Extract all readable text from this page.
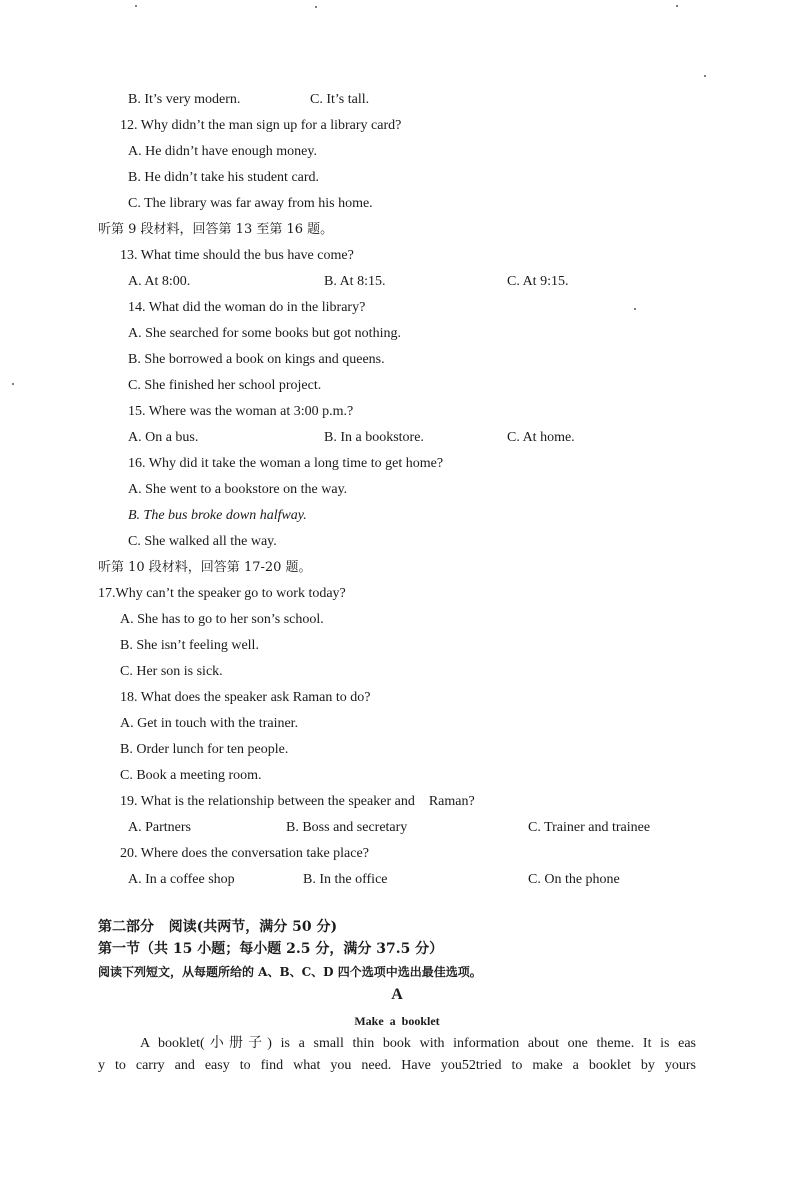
B. It’s very modern.	C. It’s tall.
12. Why didn’t the man sign up for a library card?
A. He didn’t have enough money.
B. He didn’t take his student card.
C. The library was far away from his home.
听第 9 段材料，回答第 13 至第 16 题。
13. What time should the bus have come?
A. At 8:00.	B. At 8:15.	C. At 9:15.
14. What did the woman do in the library?
A. She searched for some books but got nothing.
B. She borrowed a book on kings and queens.
C. She finished her school project.
15. Where was the woman at 3:00 p.m.?
A. On a bus.	B. In a bookstore.	C. At home.
16. Why did it take the woman a long time to get home?
A. She went to a bookstore on the way.
B. The bus broke down halfway.
C. She walked all the way.
听第 10 段材料，回答第 17-20 题。
17.Why can’t the speaker go to work today?
A. She has to go to her son’s school.
B. She isn’t feeling well.
C. Her son is sick.
18. What does the speaker ask Raman to do?
A. Get in touch with the trainer.
B. Order lunch for ten people.
C. Book a meeting room.
19. What is the relationship between the speaker and    Raman?
A. Partners	B. Boss and secretary	C. Trainer and trainee
20. Where does the conversation take place?
A. In a coffee shop	B. In the office	C. On the phone
第二部分   阅读(共两节，满分 50 分)
第一节（共 15 小题；每小题 2.5 分，满分 37.5 分）
阅读下列短文，从每题所给的 A、B、C、D 四个选项中选出最佳选项。
A
Make  a  booklet
A booklet(小册子) is a small thin book with information about one theme. It is eas
y to carry and easy to find what you need. Have you52tried to make a booklet by yours
